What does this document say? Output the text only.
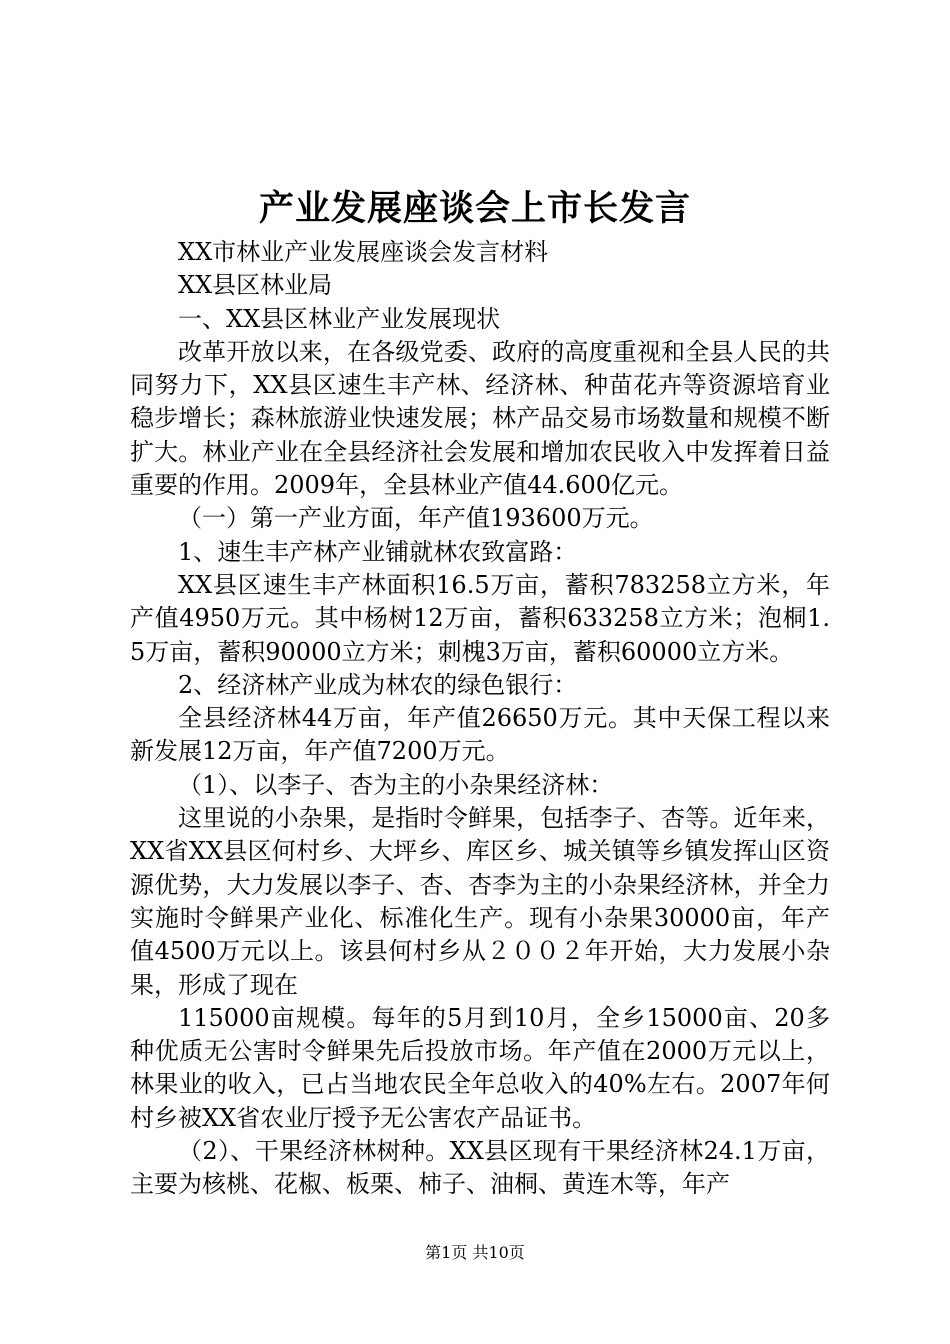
产业发展座谈会上市长发言

XX市林业产业发展座谈会发言材料

XX县区林业局

一、XX县区林业产业发展现状

改革开放以来，在各级党委、政府的高度重视和全县人民的共同努力下，XX县区速生丰产林、经济林、种苗花卉等资源培育业稳步增长；森林旅游业快速发展；林产品交易市场数量和规模不断扩大。林业产业在全县经济社会发展和增加农民收入中发挥着日益重要的作用。2009年，全县林业产值44.600亿元。

（一）第一产业方面，年产值193600万元。

1、速生丰产林产业铺就林农致富路：

XX县区速生丰产林面积16.5万亩，蓄积783258立方米，年产值4950万元。其中杨树12万亩，蓄积633258立方米；泡桐1.5万亩，蓄积90000立方米；刺槐3万亩，蓄积60000立方米。

2、经济林产业成为林农的绿色银行：

全县经济林44万亩，年产值26650万元。其中天保工程以来新发展12万亩，年产值7200万元。

（1）、以李子、杏为主的小杂果经济林：

这里说的小杂果，是指时令鲜果，包括李子、杏等。近年来，XX省XX县区何村乡、大坪乡、库区乡、城关镇等乡镇发挥山区资源优势，大力发展以李子、杏、杏李为主的小杂果经济林，并全力实施时令鲜果产业化、标准化生产。现有小杂果30000亩，年产值4500万元以上。该县何村乡从２００２年开始，大力发展小杂果，形成了现在

115000亩规模。每年的5月到10月，全乡15000亩、20多种优质无公害时令鲜果先后投放市场。年产值在2000万元以上，林果业的收入，已占当地农民全年总收入的40%左右。2007年何村乡被XX省农业厅授予无公害农产品证书。

（2）、干果经济林树种。XX县区现有干果经济林24.1万亩，主要为核桃、花椒、板栗、柿子、油桐、黄连木等，年产

第1页 共10页
